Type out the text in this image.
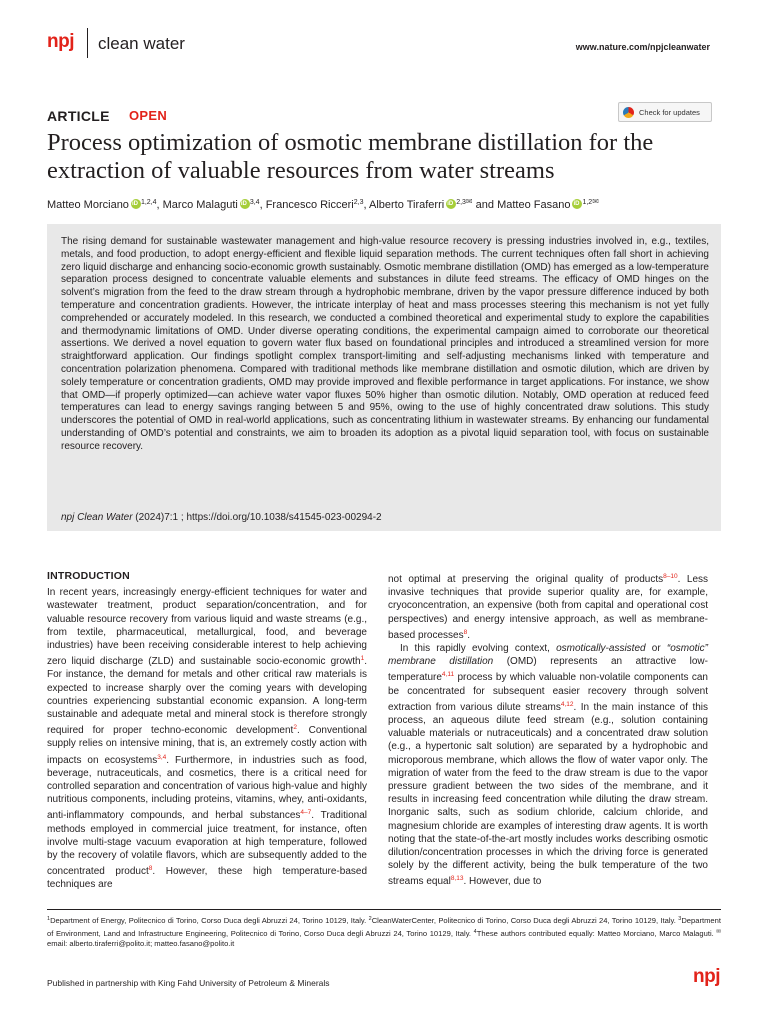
npj clean water	www.nature.com/npjcleanwater
ARTICLE OPEN	Check for updates
Process optimization of osmotic membrane distillation for the extraction of valuable resources from water streams
Matteo Morciano iD $^{1,2,4}$, Marco Malaguti iD $^{3,4}$, Francesco Ricceri$^{2,3}$, Alberto Tiraferri iD $^{2,3✉}$ and Matteo Fasano iD $^{1,2✉}$
The rising demand for sustainable wastewater management and high-value resource recovery is pressing industries involved in, e.g., textiles, metals, and food production, to adopt energy-efficient and flexible liquid separation methods. The current techniques often fall short in achieving zero liquid discharge and enhancing socio-economic growth sustainably. Osmotic membrane distillation (OMD) has emerged as a low-temperature separation process designed to concentrate valuable elements and substances in dilute feed streams. The efficacy of OMD hinges on the solvent’s migration from the feed to the draw stream through a hydrophobic membrane, driven by the vapor pressure difference induced by both temperature and concentration gradients. However, the intricate interplay of heat and mass processes steering this mechanism is not yet fully comprehended or accurately modeled. In this research, we conducted a combined theoretical and experimental study to explore the capabilities and thermodynamic limitations of OMD. Under diverse operating conditions, the experimental campaign aimed to corroborate our theoretical assertions. We derived a novel equation to govern water flux based on foundational principles and introduced a streamlined version for more straightforward application. Our findings spotlight complex transport-limiting and self-adjusting mechanisms linked with temperature and concentration polarization phenomena. Compared with traditional methods like membrane distillation and osmotic dilution, which are driven by solely temperature or concentration gradients, OMD may provide improved and flexible performance in target applications. For instance, we show that OMD—if properly optimized—can achieve water vapor fluxes 50% higher than osmotic dilution. Notably, OMD operation at reduced feed temperatures can lead to energy savings ranging between 5 and 95%, owing to the use of highly concentrated draw solutions. This study underscores the potential of OMD in real-world applications, such as concentrating lithium in wastewater streams. By enhancing our fundamental understanding of OMD’s potential and constraints, we aim to broaden its adoption as a pivotal liquid separation tool, with focus on sustainable resource recovery.
npj Clean Water (2024)7:1 ; https://doi.org/10.1038/s41545-023-00294-2
INTRODUCTION

In recent years, increasingly energy-efficient techniques for water and wastewater treatment, product separation/concentration, and for valuable resource recovery from various liquid and waste streams (e.g., from textile, pharmaceutical, metallurgical, food, and beverage industries) have been receiving considerable interest to help achieving zero liquid discharge (ZLD) and sustainable socio-economic growth$^1$. For instance, the demand for metals and other critical raw materials is expected to increase sharply over the coming years with developing countries experiencing substantial economic expansion. A long-term sustainable and adequate metal and mineral stock is therefore strongly required for proper techno-economic development$^2$. Conventional supply relies on intensive mining, that is, an extremely costly action with impacts on ecosystems$^{3,4}$. Furthermore, in industries such as food, beverage, nutraceuticals, and cosmetics, there is a critical need for controlled separation and concentration of various high-value and highly nutritious components, including proteins, vitamins, whey, anti-oxidants, anti-inflammatory compounds, and herbal substances$^{4-7}$. Traditional methods employed in commercial juice treatment, for instance, often involve multi-stage vacuum evaporation at high temperature, followed by the recovery of volatile flavors, which are subsequently added to the concentrated product$^8$. However, these high temperature-based techniques are

not optimal at preserving the original quality of products$^{8-10}$. Less invasive techniques that provide superior quality are, for example, cryoconcentration, an expensive (both from capital and operational cost perspectives) and energy intensive approach, as well as membrane-based processes$^8$.

In this rapidly evolving context, osmotically-assisted or “osmotic” membrane distillation (OMD) represents an attractive low-temperature$^{4,11}$ process by which valuable non-volatile components can be concentrated for subsequent easier recovery through solvent extraction from various dilute streams$^{4,12}$. In the main instance of this process, an aqueous dilute feed stream (e.g., solution containing valuable materials or nutraceuticals) and a concentrated draw solution (e.g., a hypertonic salt solution) are separated by a hydrophobic and microporous membrane, which allows the flow of water vapor only. The migration of water from the feed to the draw stream is due to the vapor pressure gradient between the two sides of the membrane, and it results in increasing feed concentration while diluting the draw stream. Inorganic salts, such as sodium chloride, calcium chloride, and magnesium chloride are examples of interesting draw agents. It is worth noting that the state-of-the-art mostly includes works describing osmotic dilution/concentration processes in which the driving force is generated solely by the different activity, being the bulk temperature of the two streams equal$^{8,13}$. However, due to

$^1$Department of Energy, Politecnico di Torino, Corso Duca degli Abruzzi 24, Torino 10129, Italy. $^2$CleanWaterCenter, Politecnico di Torino, Corso Duca degli Abruzzi 24, Torino 10129, Italy. $^3$Department of Environment, Land and Infrastructure Engineering, Politecnico di Torino, Corso Duca degli Abruzzi 24, Torino 10129, Italy. $^4$These authors contributed equally: Matteo Morciano, Marco Malaguti. ✉email: alberto.tiraferri@polito.it; matteo.fasano@polito.it
Published in partnership with King Fahd University of Petroleum & Minerals	npj
